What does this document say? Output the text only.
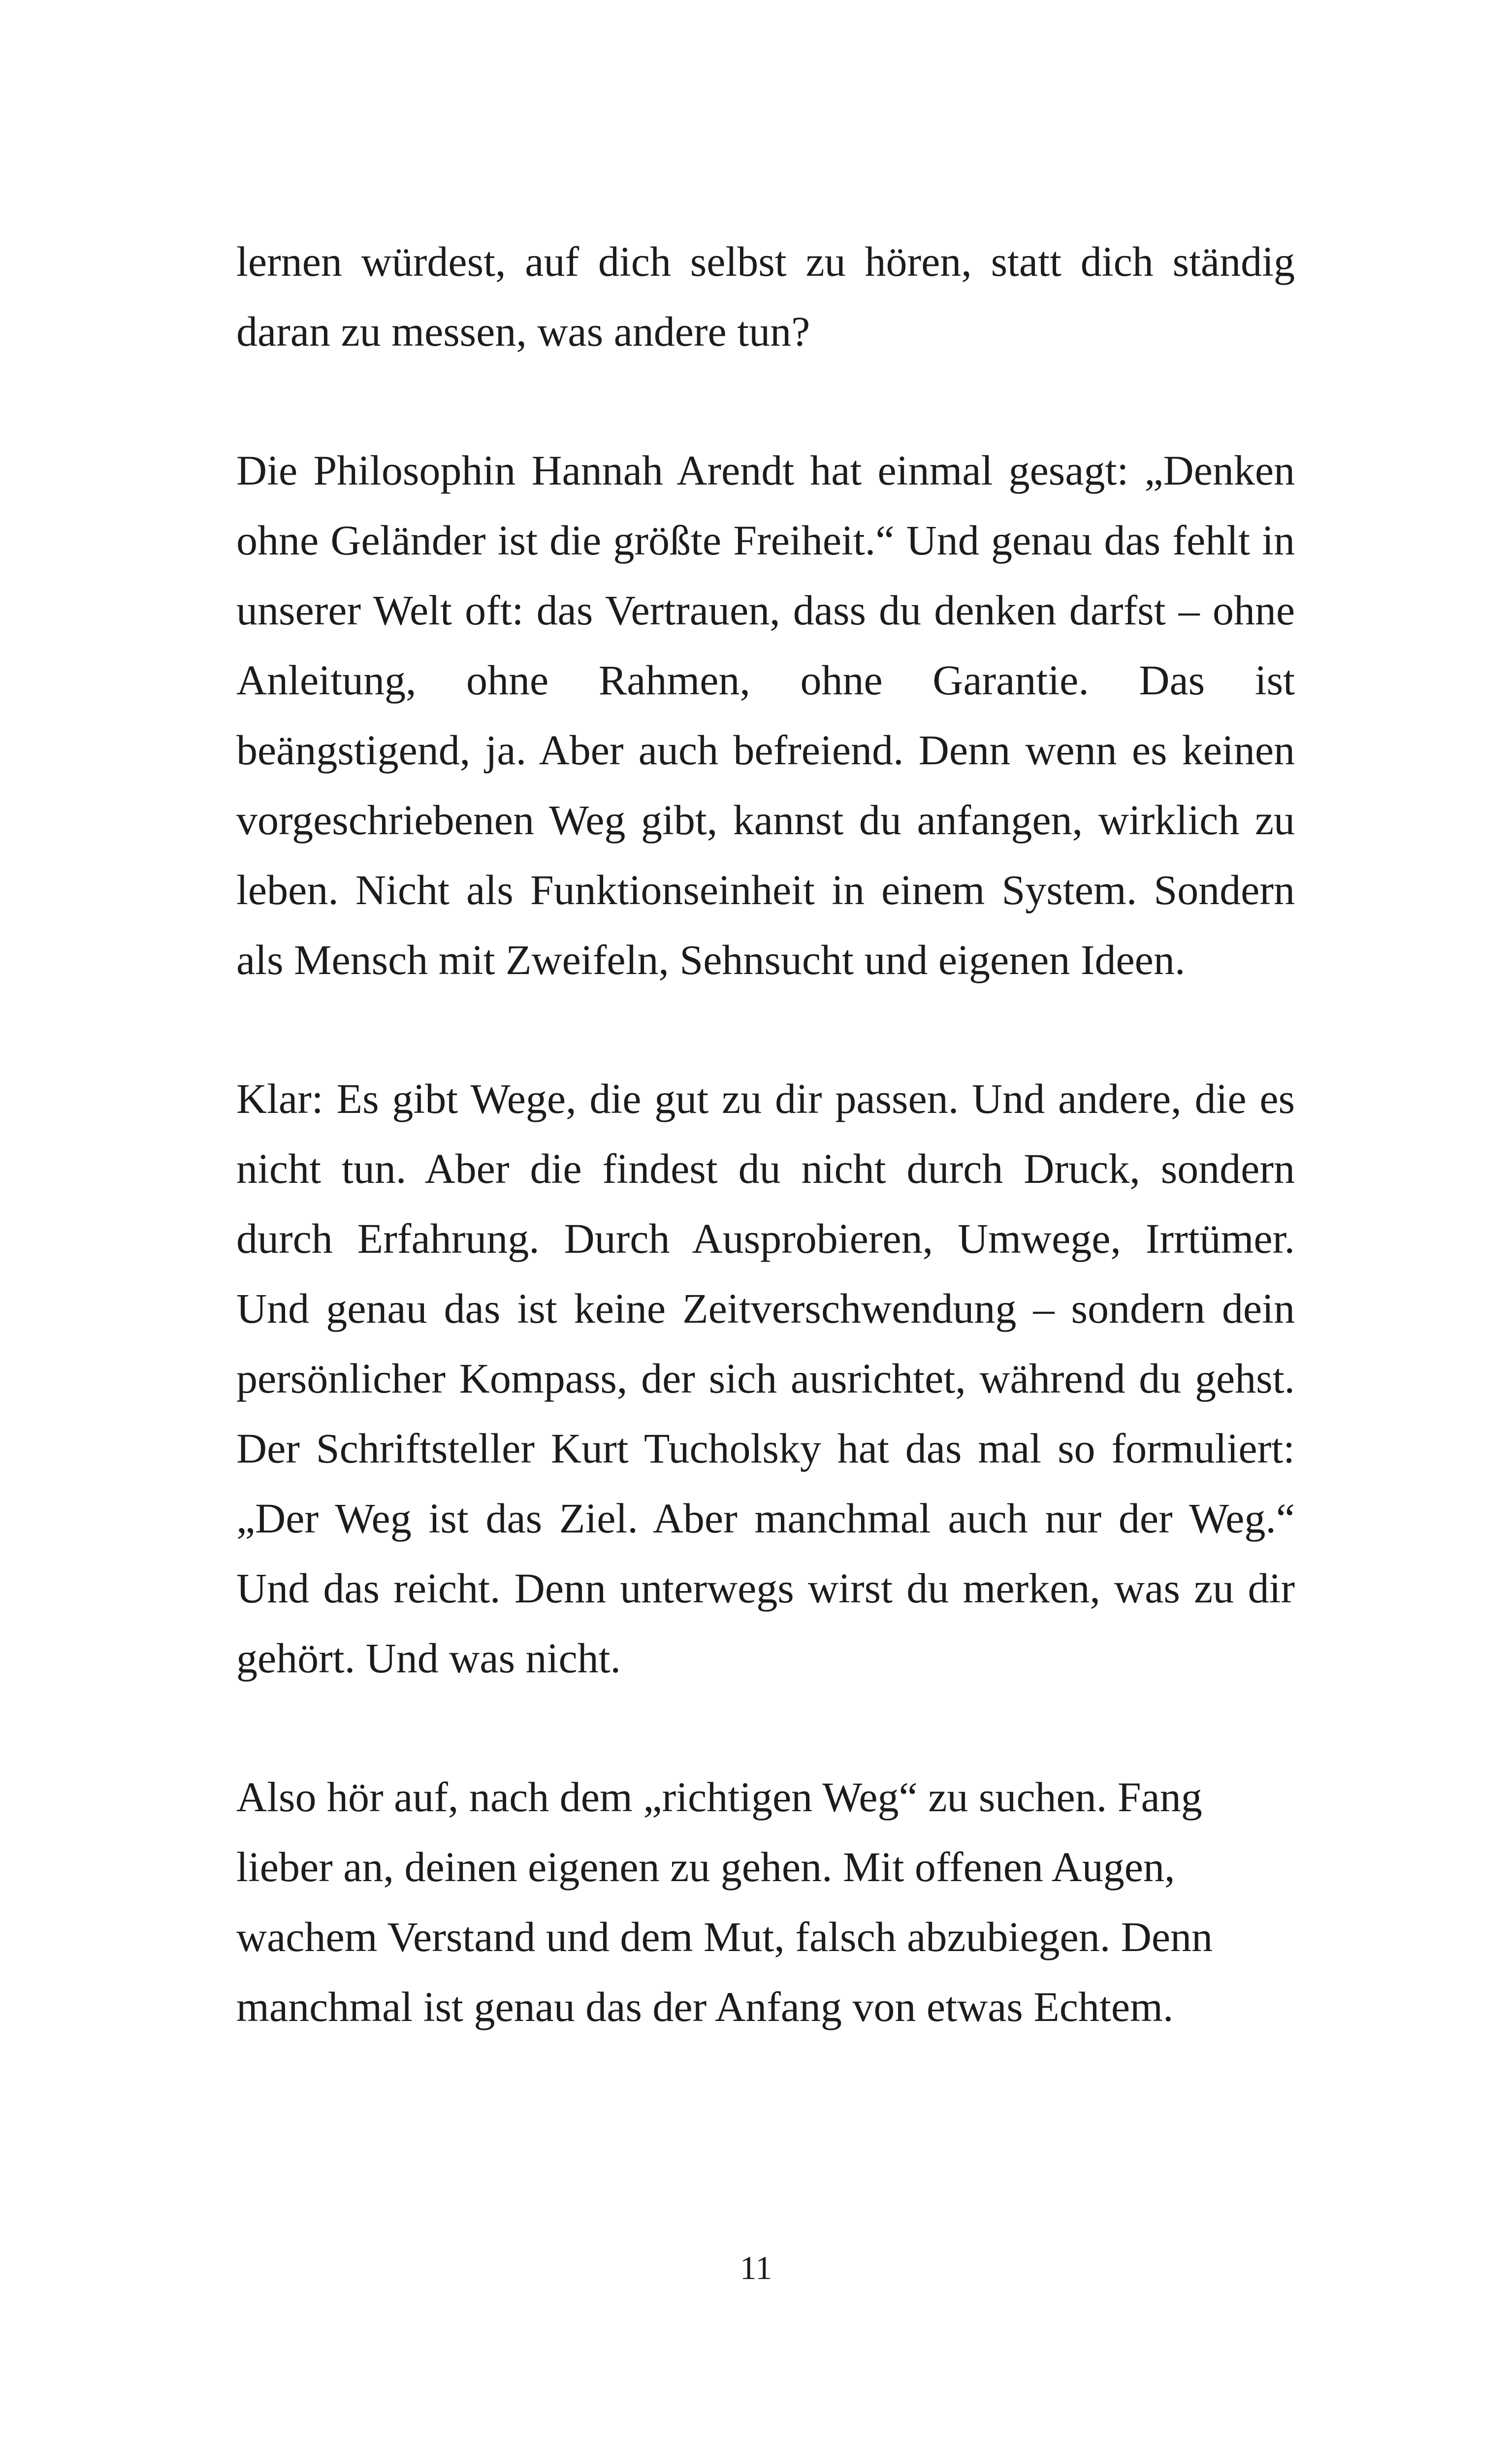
lernen würdest, auf dich selbst zu hören, statt dich ständig daran zu messen, was andere tun?

Die Philosophin Hannah Arendt hat einmal gesagt: „Denken ohne Geländer ist die größte Freiheit.“ Und genau das fehlt in unserer Welt oft: das Vertrauen, dass du denken darfst – ohne Anleitung, ohne Rahmen, ohne Garantie. Das ist beängstigend, ja. Aber auch befreiend. Denn wenn es keinen vorgeschriebenen Weg gibt, kannst du anfangen, wirklich zu leben. Nicht als Funktionseinheit in einem System. Sondern als Mensch mit Zweifeln, Sehnsucht und eigenen Ideen.

Klar: Es gibt Wege, die gut zu dir passen. Und andere, die es nicht tun. Aber die findest du nicht durch Druck, sondern durch Erfahrung. Durch Ausprobieren, Umwege, Irrtümer. Und genau das ist keine Zeitverschwendung – sondern dein persönlicher Kompass, der sich ausrichtet, während du gehst. Der Schriftsteller Kurt Tucholsky hat das mal so formuliert: „Der Weg ist das Ziel. Aber manchmal auch nur der Weg.“ Und das reicht. Denn unterwegs wirst du merken, was zu dir gehört. Und was nicht.

Also hör auf, nach dem „richtigen Weg“ zu suchen. Fang lieber an, deinen eigenen zu gehen. Mit offenen Augen, wachem Verstand und dem Mut, falsch abzubiegen. Denn manchmal ist genau das der Anfang von etwas Echtem.

11
